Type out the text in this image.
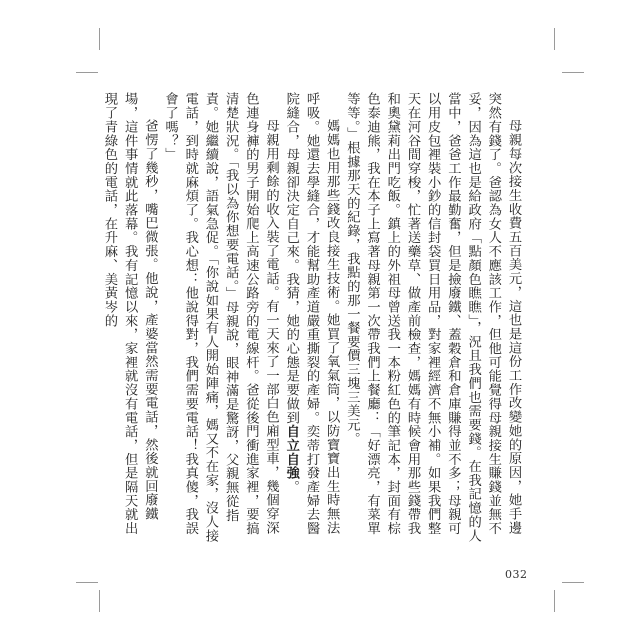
母親每次接生收費五百美元，這也是這份工作改變她的原因，她手邊突然有錢了。爸認為女人不應該工作，但他可能覺得母親接生賺錢並無不妥，因為這也是給政府「點顏色瞧瞧」，況且我們也需要錢。在我記憶的人當中，爸爸工作最勤奮，但是撿廢鐵、蓋穀倉和倉庫賺得並不多；母親可以用皮包裡裝小鈔的信封袋買日用品，對家裡經濟不無小補。如果我們整天在河谷間穿梭，忙著送藥草、做產前檢查，媽媽有時候會用那些錢帶我和奧黛莉出門吃飯。鎮上的外祖母曾送我一本粉紅色的筆記本，封面有棕色泰迪熊，我在本子上寫著母親第一次帶我們上餐廳：「好漂亮，有菜單等等。」根據那天的紀錄，我點的那一餐要價三塊三美元。

媽媽也用那些錢改良接生技術。她買了氧氣筒，以防寶寶出生時無法呼吸。她還去學縫合，才能幫助產道嚴重撕裂的產婦。奕蒂打發產婦去醫院縫合，母親卻決定自己來。我猜，她的心態是要做到自立自強。

母親用剩餘的收入裝了電話。有一天來了一部白色廂型車，幾個穿深色連身褲的男子開始爬上高速公路旁的電線杆。爸從後門衝進家裡，要搞清楚狀況。「我以為你想要電話。」母親說，眼神滿是驚訝，父親無從指責。她繼續說，語氣急促。「你說如果有人開始陣痛，媽又不在家，沒人接電話，到時就麻煩了。我心想：他說得對，我們需要電話！我真傻，我誤會了嗎？」

爸愣了幾秒，嘴巴微張。他說，產婆當然需要電話，然後就回廢鐵場，這件事情就此落幕。我有記憶以來，家裡就沒有電話，但是隔天就出現了青綠色的電話，在升麻、美黃岑的

032
